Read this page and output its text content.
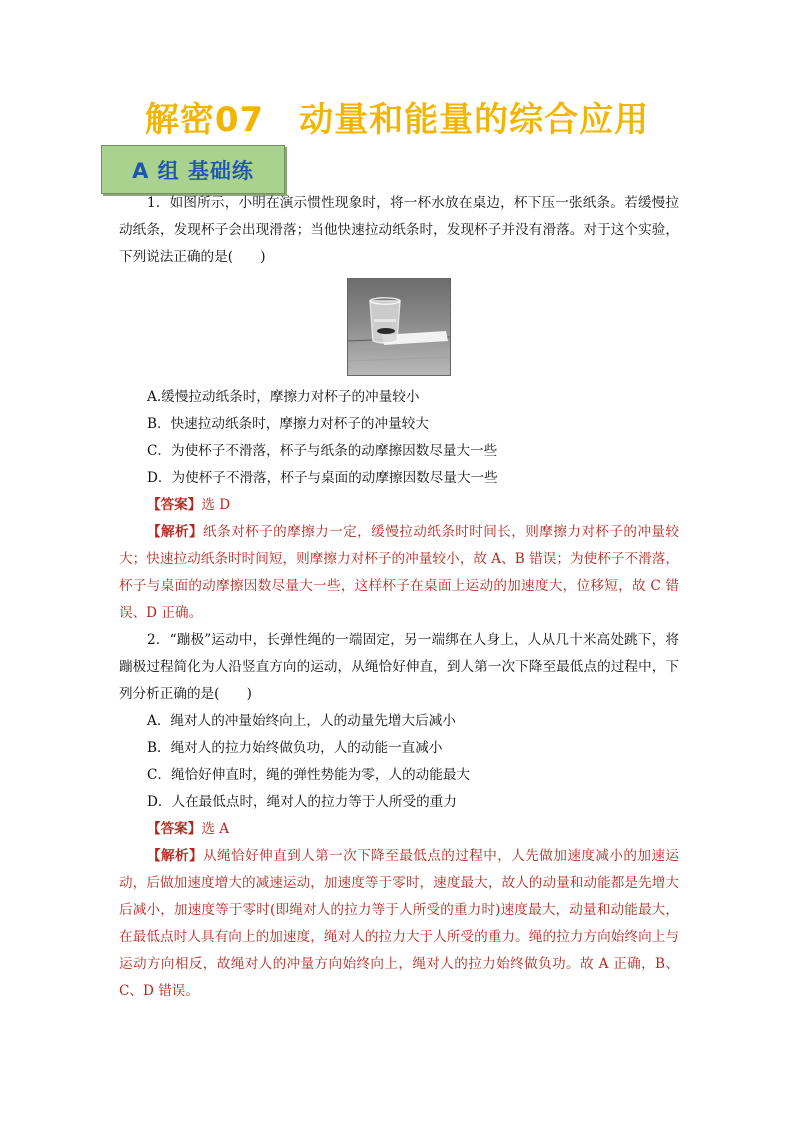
解密07　动量和能量的综合应用
A 组 基础练

1．如图所示，小明在演示惯性现象时，将一杯水放在桌边，杯下压一张纸条。若缓慢拉动纸条，发现杯子会出现滑落；当他快速拉动纸条时，发现杯子并没有滑落。对于这个实验，下列说法正确的是(　　)

A.缓慢拉动纸条时，摩擦力对杯子的冲量较小

B．快速拉动纸条时，摩擦力对杯子的冲量较大

C．为使杯子不滑落，杯子与纸条的动摩擦因数尽量大一些

D．为使杯子不滑落，杯子与桌面的动摩擦因数尽量大一些

【答案】选 D

【解析】纸条对杯子的摩擦力一定，缓慢拉动纸条时时间长，则摩擦力对杯子的冲量较大；快速拉动纸条时时间短，则摩擦力对杯子的冲量较小，故 A、B 错误；为使杯子不滑落，杯子与桌面的动摩擦因数尽量大一些，这样杯子在桌面上运动的加速度大，位移短，故 C 错误、D 正确。

2．“蹦极”运动中，长弹性绳的一端固定，另一端绑在人身上，人从几十米高处跳下，将蹦极过程简化为人沿竖直方向的运动，从绳恰好伸直，到人第一次下降至最低点的过程中，下列分析正确的是(　　)

A．绳对人的冲量始终向上，人的动量先增大后减小

B．绳对人的拉力始终做负功，人的动能一直减小

C．绳恰好伸直时，绳的弹性势能为零，人的动能最大

D．人在最低点时，绳对人的拉力等于人所受的重力

【答案】选 A

【解析】从绳恰好伸直到人第一次下降至最低点的过程中，人先做加速度减小的加速运动，后做加速度增大的减速运动，加速度等于零时，速度最大，故人的动量和动能都是先增大后减小，加速度等于零时(即绳对人的拉力等于人所受的重力时)速度最大，动量和动能最大，在最低点时人具有向上的加速度，绳对人的拉力大于人所受的重力。绳的拉力方向始终向上与运动方向相反，故绳对人的冲量方向始终向上，绳对人的拉力始终做负功。故 A 正确，B、C、D 错误。
